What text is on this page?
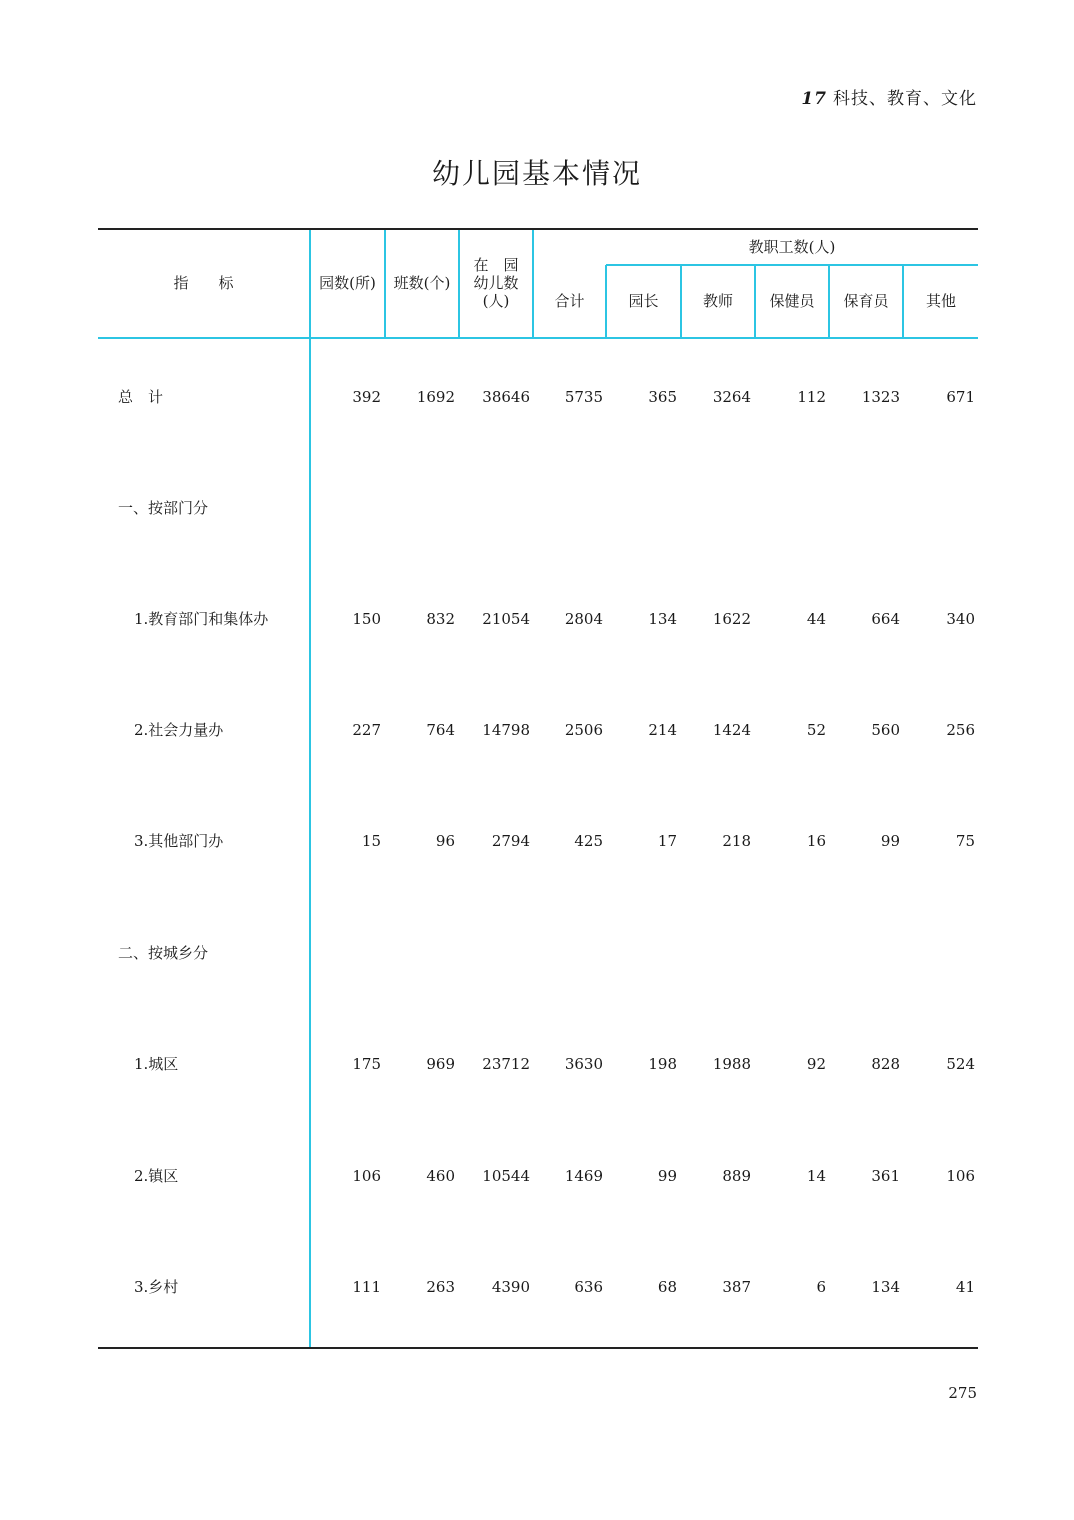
17 科技、教育、文化
幼儿园基本情况
指　　标	园数(所)	班数(个)
在　园
幼儿数
(人)
教职工数(人)
合计	园长	教师	保健员	保育员	其他
总　计	392	1692	38646	5735	365	3264	112	1323	671
一、按部门分
1.教育部门和集体办	150	832	21054	2804	134	1622	44	664	340
2.社会力量办	227	764	14798	2506	214	1424	52	560	256
3.其他部门办	15	96	2794	425	17	218	16	99	75
二、按城乡分
1.城区	175	969	23712	3630	198	1988	92	828	524
2.镇区	106	460	10544	1469	99	889	14	361	106
3.乡村	111	263	4390	636	68	387	6	134	41
275
